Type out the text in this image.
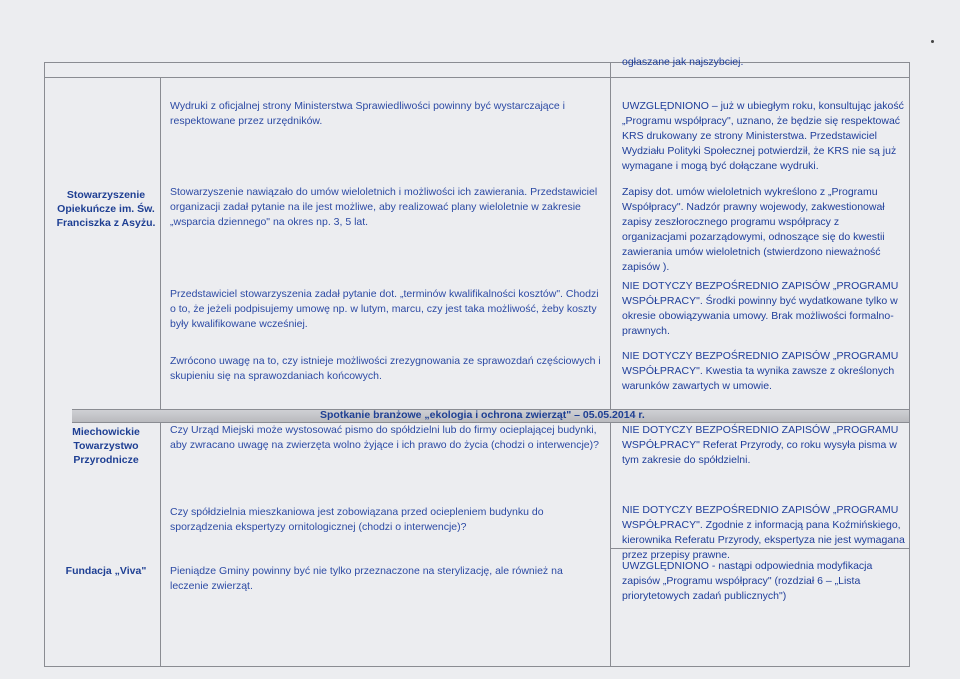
ogłaszane jak najszybciej.
Wydruki z oficjalnej strony Ministerstwa Sprawiedliwości powinny być wystarczające i respektowane przez urzędników.
UWZGLĘDNIONO – już w ubiegłym roku, konsultując jakość „Programu współpracy", uznano, że będzie się respektować KRS drukowany ze strony Ministerstwa. Przedstawiciel Wydziału Polityki Społecznej potwierdził, że KRS nie są już wymagane i mogą być dołączane wydruki.
Stowarzyszenie Opiekuńcze im. Św. Franciszka z Asyżu.
Stowarzyszenie nawiązało do umów wieloletnich i możliwości ich zawierania. Przedstawiciel organizacji zadał pytanie na ile jest możliwe, aby realizować plany wieloletnie w zakresie „wsparcia dziennego" na okres np. 3, 5 lat.
Zapisy dot. umów wieloletnich wykreślono z „Programu Współpracy". Nadzór prawny wojewody, zakwestionował zapisy zeszłorocznego programu współpracy z organizacjami pozarządowymi, odnoszące się do kwestii zawierania umów wieloletnich (stwierdzono nieważność zapisów ).
Przedstawiciel stowarzyszenia zadał pytanie dot. „terminów kwalifikalności kosztów". Chodzi o to, że jeżeli podpisujemy umowę np. w lutym, marcu, czy jest taka możliwość, żeby koszty były kwalifikowane wcześniej.
NIE DOTYCZY BEZPOŚREDNIO ZAPISÓW „PROGRAMU WSPÓŁPRACY". Środki powinny być wydatkowane tylko w okresie obowiązywania umowy. Brak możliwości formalno-prawnych.
Zwrócono uwagę na to, czy istnieje możliwości zrezygnowania ze sprawozdań częściowych i skupieniu się na sprawozdaniach końcowych.
NIE DOTYCZY BEZPOŚREDNIO ZAPISÓW „PROGRAMU WSPÓŁPRACY". Kwestia ta wynika zawsze z określonych warunków zawartych w umowie.
Spotkanie branżowe „ekologia i ochrona zwierząt" – 05.05.2014 r.
Miechowickie Towarzystwo Przyrodnicze
Czy Urząd Miejski może wystosować pismo do spółdzielni lub do firmy ocieplającej budynki, aby zwracano uwagę na zwierzęta wolno żyjące i ich prawo do życia (chodzi o interwencje)?
NIE DOTYCZY BEZPOŚREDNIO ZAPISÓW „PROGRAMU WSPÓŁPRACY" Referat Przyrody, co roku wysyła pisma w tym zakresie do spółdzielni.
Czy spółdzielnia mieszkaniowa jest zobowiązana przed ociepleniem budynku do sporządzenia ekspertyzy ornitologicznej (chodzi o interwencje)?
NIE DOTYCZY BEZPOŚREDNIO ZAPISÓW „PROGRAMU WSPÓŁPRACY". Zgodnie z informacją pana Koźmińskiego, kierownika Referatu Przyrody, ekspertyza nie jest wymagana przez przepisy prawne.
Fundacja „Viva"	Pieniądze Gminy powinny być nie tylko przeznaczone na sterylizację, ale również na leczenie zwierząt.
UWZGLĘDNIONO - nastąpi odpowiednia modyfikacja zapisów „Programu współpracy" (rozdział 6 – „Lista priorytetowych zadań publicznych")
